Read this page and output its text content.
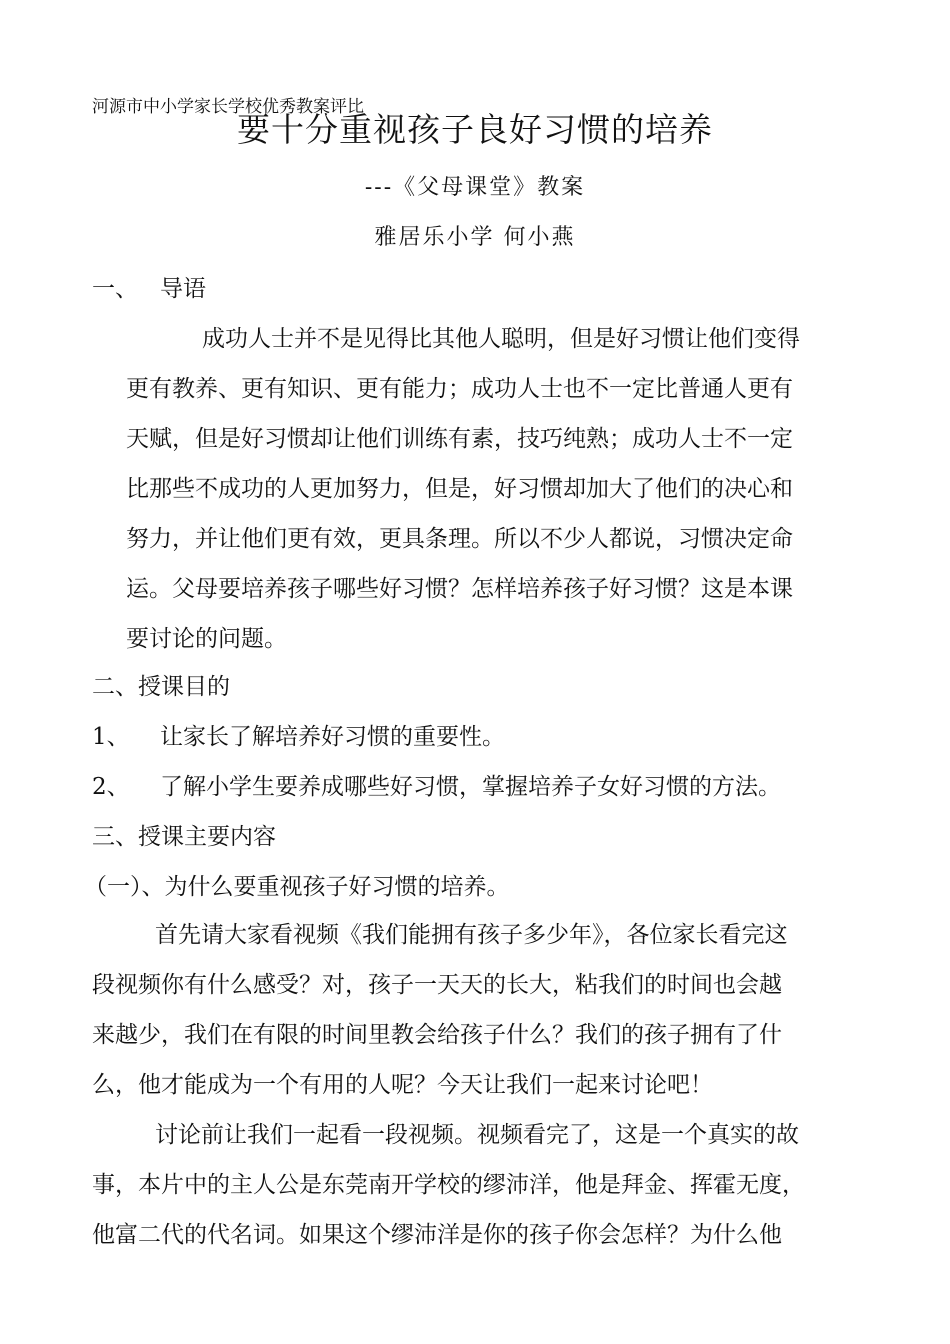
河源市中小学家长学校优秀教案评比
要十分重视孩子良好习惯的培养
---《父母课堂》教案
雅居乐小学 何小燕
一、 导语
成功人士并不是见得比其他人聪明，但是好习惯让他们变得
更有教养、更有知识、更有能力；成功人士也不一定比普通人更有
天赋，但是好习惯却让他们训练有素，技巧纯熟；成功人士不一定
比那些不成功的人更加努力，但是，好习惯却加大了他们的决心和
努力，并让他们更有效，更具条理。所以不少人都说，习惯决定命
运。父母要培养孩子哪些好习惯？怎样培养孩子好习惯？这是本课
要讨论的问题。
二、授课目的
1、 让家长了解培养好习惯的重要性。
2、 了解小学生要养成哪些好习惯，掌握培养子女好习惯的方法。
三、授课主要内容
（一）、为什么要重视孩子好习惯的培养。
首先请大家看视频《我们能拥有孩子多少年》，各位家长看完这
段视频你有什么感受？对，孩子一天天的长大，粘我们的时间也会越
来越少，我们在有限的时间里教会给孩子什么？我们的孩子拥有了什
么，他才能成为一个有用的人呢？今天让我们一起来讨论吧！
讨论前让我们一起看一段视频。视频看完了，这是一个真实的故
事，本片中的主人公是东莞南开学校的缪沛洋，他是拜金、挥霍无度，
他富二代的代名词。如果这个缪沛洋是你的孩子你会怎样？为什么他
